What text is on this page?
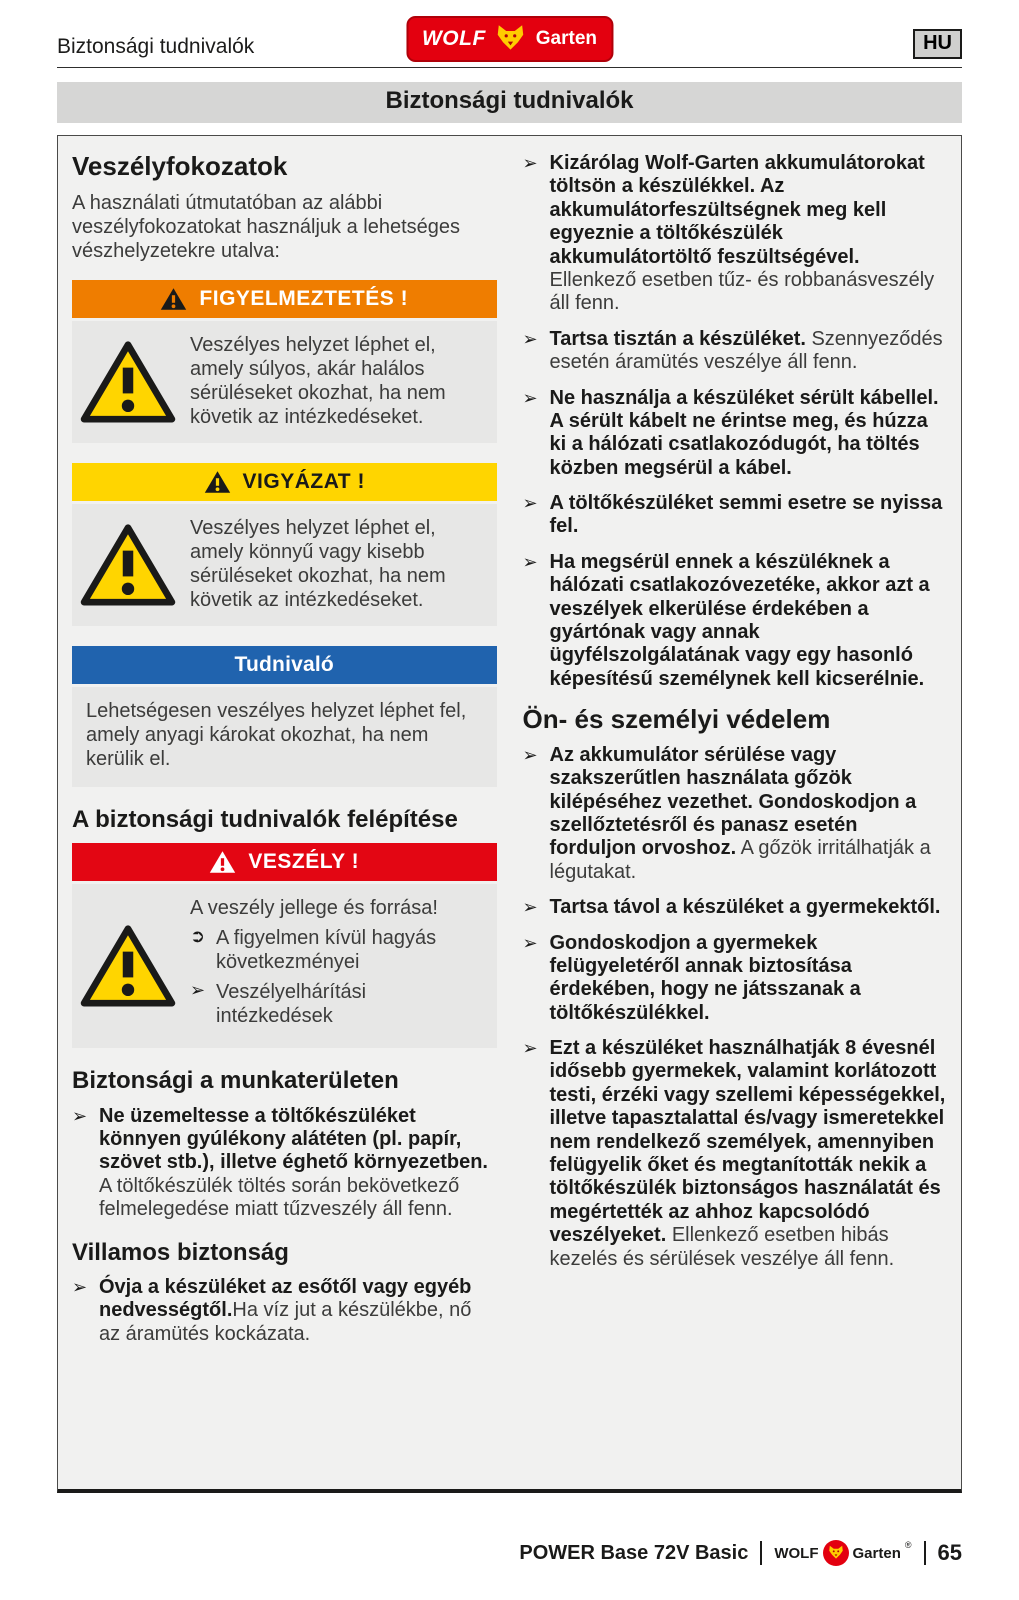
Biztonsági tudnivalók	WOLF	Garten	HU
Biztonsági tudnivalók
Veszélyfokozatok

A használati útmutatóban az alábbi veszélyfokozatokat használjuk a lehetséges vészhelyzetekre utalva:

FIGYELMEZTETÉS !

Veszélyes helyzet léphet el, amely súlyos, akár halálos sérüléseket okozhat, ha nem követik az intézkedéseket.

VIGYÁZAT !

Veszélyes helyzet léphet el, amely könnyű vagy kisebb sérüléseket okozhat, ha nem követik az intézkedéseket.

Tudnivaló

Lehetségesen veszélyes helyzet léphet fel, amely anyagi károkat okozhat, ha nem kerülik el.

A biztonsági tudnivalók felépítése
VESZÉLY !

A veszély jellege és forrása!

➲ A figyelmen kívül hagyás következményei

➢ Veszélyelhárítási intézkedések

Biztonsági a munkaterületen
➢ Ne üzemeltesse a töltőkészüléket könnyen gyúlékony alátéten (pl. papír, szövet stb.), illetve éghető környezetben. A töltőkészülék töltés során bekövetkező felmelegedése miatt tűzveszély áll fenn.

Villamos biztonság
➢ Óvja a készüléket az esőtől vagy egyéb nedvességtől.Ha víz jut a készülékbe, nő az áramütés kockázata.

➢ Kizárólag Wolf-Garten akkumulátorokat töltsön a készülékkel. Az akkumulátorfeszültségnek meg kell egyeznie a töltőkészülék akkumulátortöltő feszültségével. Ellenkező esetben tűz- és robbanásveszély áll fenn.

➢ Tartsa tisztán a készüléket. Szennyeződés esetén áramütés veszélye áll fenn.

➢ Ne használja a készüléket sérült kábellel. A sérült kábelt ne érintse meg, és húzza ki a hálózati csatlakozódugót, ha töltés közben megsérül a kábel.

➢ A töltőkészüléket semmi esetre se nyissa fel.

➢ Ha megsérül ennek a készüléknek a hálózati csatlakozóvezetéke, akkor azt a veszélyek elkerülése érdekében a gyártónak vagy annak ügyfélszolgálatának vagy egy hasonló képesítésű személynek kell kicserélnie.

Ön- és személyi védelem
➢ Az akkumulátor sérülése vagy szakszerűtlen használata gőzök kilépéséhez vezethet. Gondoskodjon a szellőztetésről és panasz esetén forduljon orvoshoz. A gőzök irritálhatják a légutakat.

➢ Tartsa távol a készüléket a gyermekektől.

➢ Gondoskodjon a gyermekek felügyeletéről annak biztosítása érdekében, hogy ne játsszanak a töltőkészülékkel.

➢ Ezt a készüléket használhatják 8 évesnél idősebb gyermekek, valamint korlátozott testi, érzéki vagy szellemi képességekkel, illetve tapasztalattal és/vagy ismeretekkel nem rendelkező személyek, amennyiben felügyelik őket és megtanították nekik a töltőkészülék biztonságos használatát és megértették az ahhoz kapcsolódó veszélyeket. Ellenkező esetben hibás kezelés és sérülések veszélye áll fenn.

POWER Base 72V Basic WOLF Garten ® 65
